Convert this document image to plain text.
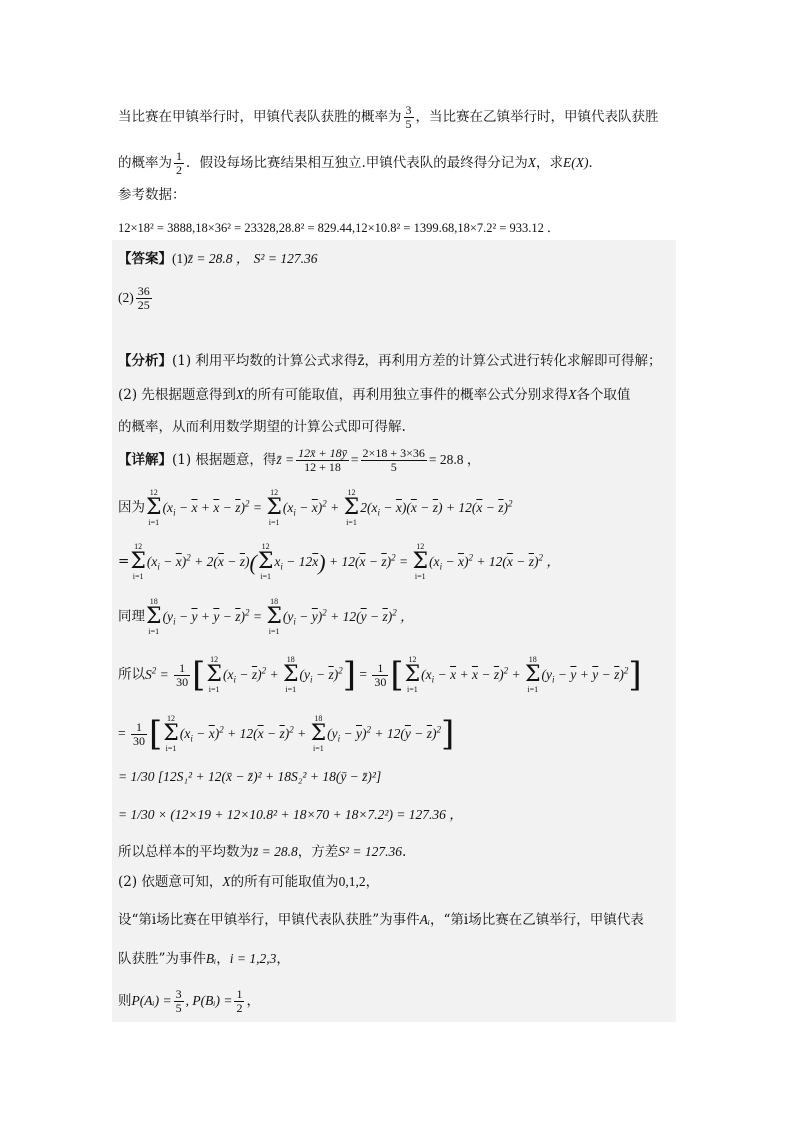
当比赛在甲镇举行时，甲镇代表队获胜的概率为 $\frac{3}{5}$ ，当比赛在乙镇举行时，甲镇代表队获胜
的概率为 $\frac{1}{2}$ ．假设每场比赛结果相互独立.甲镇代表队的最终得分记为X，求E(X)．
参考数据：
12×18² = 3888,18×36² = 23328,28.8² = 829.44,12×10.8² = 1399.68,18×7.2² = 933.12 ．
【答案】(1)z̄ = 28.8 ， S² = 127.36
$(2) \frac{36}{25}$
【分析】(1) 利用平均数的计算公式求得z̄，再利用方差的计算公式进行转化求解即可得解；
(2) 先根据题意得到X的所有可能取值，再利用独立事件的概率公式分别求得X各个取值
的概率，从而利用数学期望的计算公式即可得解.
【详解】(1) 根据题意，得z̄ = $\frac{12x̄ + 18ȳ}{12 + 18} = \frac{2\times 18 + 3\times 36}{5} = 28.8$ ，
因为
12
Σ
i=1
$(x_i - \overline{x} + \overline{x} - \overline{z})^2$ =
12
Σ
i=1
$(x_i - \overline{x})^2$ +
12
Σ
i=1
$2(x_i - \overline{x})(\overline{x} - \overline{z}) + 12(\overline{x} - \overline{z})^2$
=
12
Σ
i=1
$(x_i - \overline{x})^2 + 2(\overline{x} - \overline{z})$(
12
Σ
i=1
$x_i - 12\overline{x}) + 12(\overline{x} - \overline{z})^2$ =
12
Σ
i=1
$(x_i - \overline{x})^2 + 12(\overline{x} - \overline{z})^2$ ，
同理
18
Σ
i=1
$(y_i - \overline{y} + \overline{y} - \overline{z})^2$ =
18
Σ
i=1
$(y_i - \overline{y})^2 + 12(\overline{y} - \overline{z})^2$ ，
所以$S^2 = \frac{1}{30}$ [ 12
Σ
i=1
$(x_i - \overline{z})^2$ +
18
Σ
i=1
$(y_i - \overline{z})^2] = \frac{1}{30}$ [ 12
Σ
i=1
$(x_i - \overline{x} + \overline{x} - \overline{z})^2$ +
18
Σ
i=1
$(y_i - \overline{y} + \overline{y} - \overline{z})^2$]
= $\frac{1}{30}$ [ 12
Σ
i=1
$(x_i - \overline{x})^2 + 12(\overline{x} - \overline{z})^2$ +
18
Σ
i=1
$(y_i - \overline{y})^2 + 12(\overline{y} - \overline{z})^2$]
= 1/30 [12S₁² + 12(x̄ − z̄)² + 18S₂² + 18(ȳ − z̄)²]
= 1/30 × (12×19 + 12×10.8² + 18×70 + 18×7.2²) = 127.36 ，
所以总样本的平均数为z̄ = 28.8，方差S² = 127.36.
(2) 依题意可知，X的所有可能取值为0,1,2，
设“第i场比赛在甲镇举行，甲镇代表队获胜”为事件Aᵢ，“第i场比赛在乙镇举行，甲镇代表
队获胜”为事件Bᵢ，i = 1,2,3，
则P(Aᵢ) = $\frac{3}{5}$ , P(Bᵢ) = $\frac{1}{2}$ ，
